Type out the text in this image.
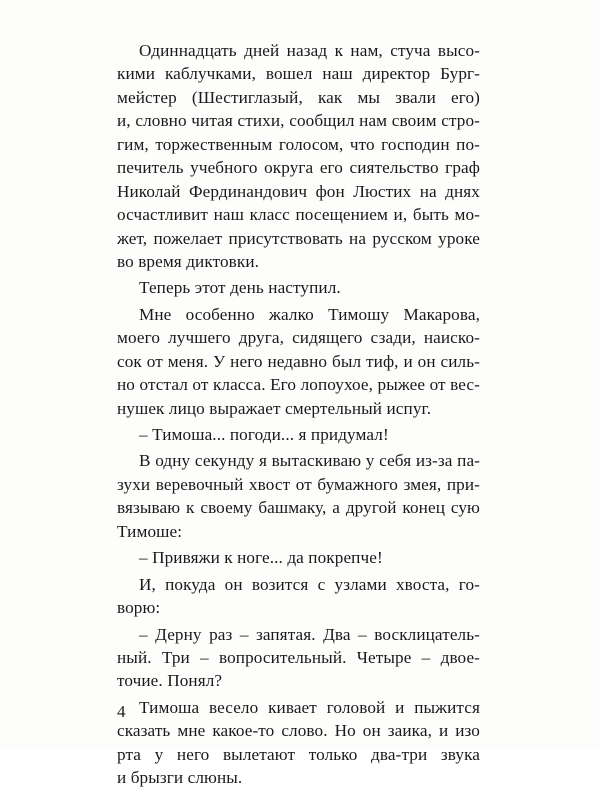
Одиннадцать дней назад к нам, стуча высо-
кими каблучками, вошел наш директор Бург-
мейстер (Шестиглазый, как мы звали его)
и, словно читая стихи, сообщил нам своим стро-
гим, торжественным голосом, что господин по-
печитель учебного округа его сиятельство граф
Николай Фердинандович фон Люстих на днях
осчастливит наш класс посещением и, быть мо-
жет, пожелает присутствовать на русском уроке
во время диктовки.
Теперь этот день наступил.
Мне особенно жалко Тимошу Макарова,
моего лучшего друга, сидящего сзади, наиско-
сок от меня. У него недавно был тиф, и он силь-
но отстал от класса. Его лопоухое, рыжее от вес-
нушек лицо выражает смертельный испуг.
– Тимоша... погоди... я придумал!
В одну секунду я вытаскиваю у себя из-за па-
зухи веревочный хвост от бумажного змея, при-
вязываю к своему башмаку, а другой конец сую
Тимоше:
– Привяжи к ноге... да покрепче!
И, покуда он возится с узлами хвоста, го-
ворю:
– Дерну раз – запятая. Два – восклицатель-
ный. Три – вопросительный. Четыре – двое-
точие. Понял?
Тимоша весело кивает головой и пыжится
сказать мне какое-то слово. Но он заика, и изо
рта у него вылетают только два-три звука
и брызги слюны.
4
